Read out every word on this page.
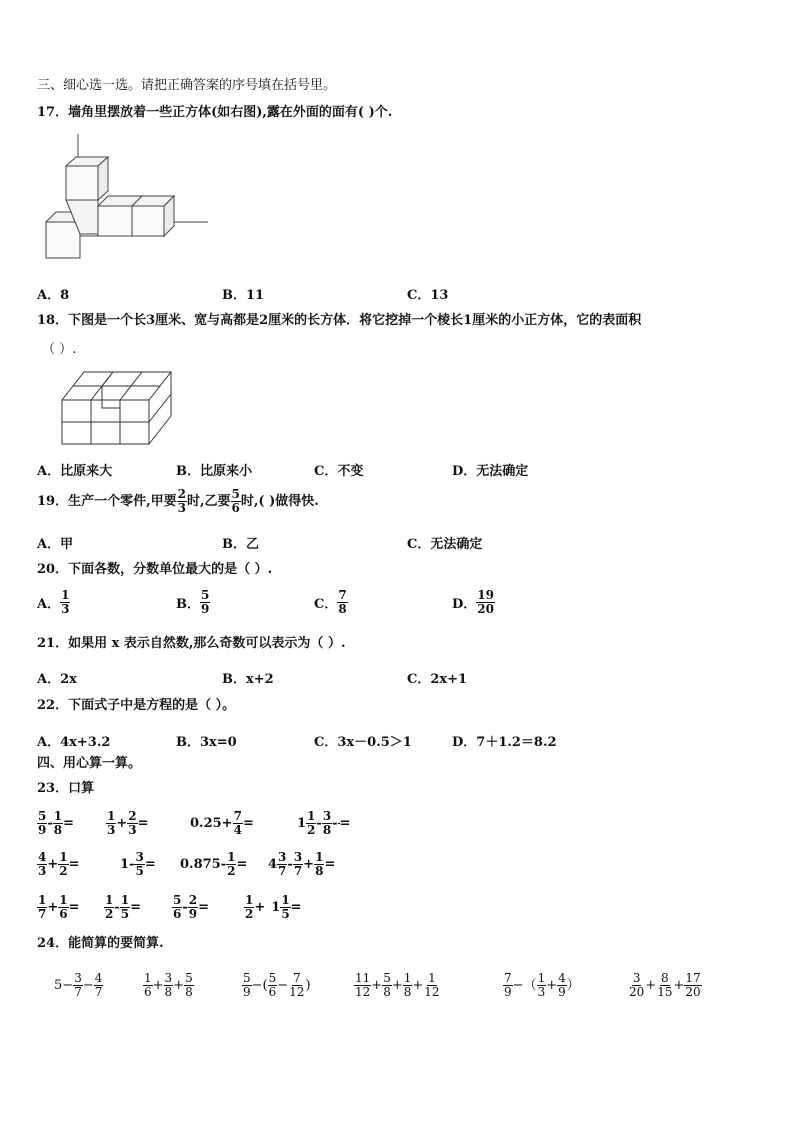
三、细心选一选。请把正确答案的序号填在括号里。
17．墙角里摆放着一些正方体(如右图),露在外面的面有( )个.
A．8	B．11	C．13
18．下图是一个长3厘米、宽与高都是2厘米的长方体．将它挖掉一个棱长1厘米的小正方体，它的表面积
（ ）.
A．比原来大	B．比原来小	C．不变	D．无法确定
19．生产一个零件,甲要 $\frac{2}{3}$ 时,乙要 $\frac{5}{6}$ 时,( )做得快.
A．甲	B．乙	C．无法确定
20．下面各数，分数单位最大的是（ ）.
A． $\frac{1}{3}$	B． $\frac{5}{9}$	C． $\frac{7}{8}$	D． $\frac{19}{20}$
21．如果用 x 表示自然数,那么奇数可以表示为（ ）.
A．2x	B．x+2	C．2x+1
22．下面式子中是方程的是（ ）。
A．4x+3.2	B．3x=0	C．3x－0.5＞1	D．7＋1.2＝8.2
四、用心算一算。
23．口算
$\frac{5}{9} - \frac{1}{8}$ =	$\frac{1}{3} + \frac{2}{3}$ =	$0.25 + \frac{7}{4}$ =	$1 \frac{1}{2} - \frac{3}{8}$ - =
$\frac{4}{3} + \frac{1}{2}$ =	$1 - \frac{3}{5} = 0.875 - \frac{1}{2} = 4 \frac{3}{7} - \frac{3}{7} + \frac{1}{8}$ =
$\frac{1}{7} + \frac{1}{6} = \frac{1}{2} - \frac{1}{5}$ =	$\frac{5}{6} - \frac{2}{9}$ =	$\frac{1}{2} + 1 \frac{1}{5}$ =
24．能简算的要简算.
$5 - \frac{3}{7} - \frac{4}{7}$	$\frac{1}{6} + \frac{3}{8} + \frac{5}{8}$	$\frac{5}{9}$ − ( $\frac{5}{6} - \frac{7}{12}$ )	$\frac{11}{12} + \frac{5}{8} + \frac{1}{8} + \frac{1}{12}$	$\frac{7}{9}$ − （ $\frac{1}{3} + \frac{4}{9}$ ）	$\frac{3}{20} + \frac{8}{15} + \frac{17}{20}$
